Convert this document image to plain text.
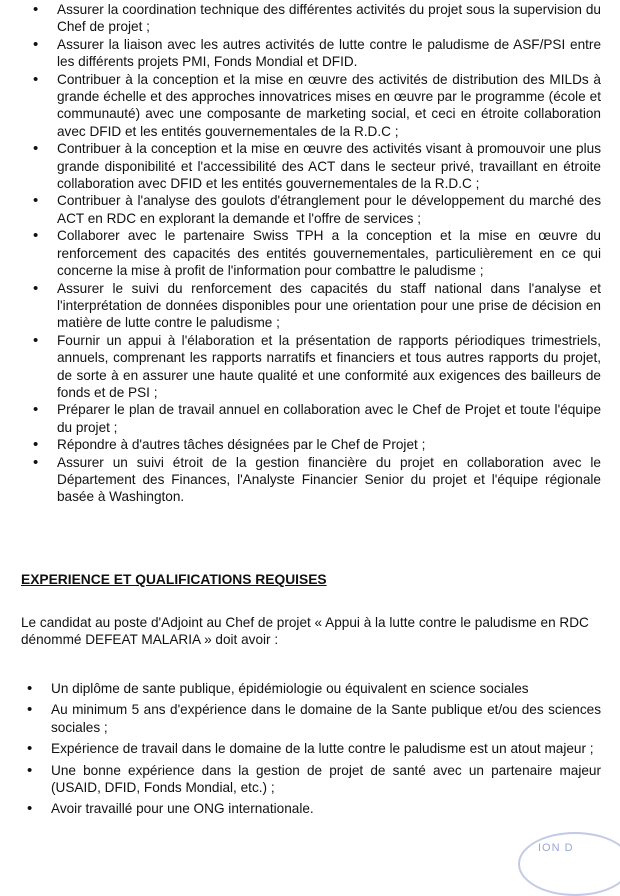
• Assurer la coordination technique des différentes activités du projet sous la supervision du Chef de projet ;
• Assurer la liaison avec les autres activités de lutte contre le paludisme de ASF/PSI entre les différents projets PMI, Fonds Mondial et DFID.
• Contribuer à la conception et la mise en œuvre des activités de distribution des MILDs à grande échelle et des approches innovatrices mises en œuvre par le programme (école et communauté) avec une composante de marketing social, et ceci en étroite collaboration avec DFID et les entités gouvernementales de la R.D.C ;
• Contribuer à la conception et la mise en œuvre des activités visant à promouvoir une plus grande disponibilité et l'accessibilité des ACT dans le secteur privé, travaillant en étroite collaboration avec DFID et les entités gouvernementales de la R.D.C ;
• Contribuer à l'analyse des goulots d'étranglement pour le développement du marché des ACT en RDC en explorant la demande et l'offre de services ;
• Collaborer avec le partenaire Swiss TPH a la conception et la mise en œuvre du renforcement des capacités des entités gouvernementales, particulièrement en ce qui concerne la mise à profit de l'information pour combattre le paludisme ;
• Assurer le suivi du renforcement des capacités du staff national dans l'analyse et l'interprétation de données disponibles pour une orientation pour une prise de décision en matière de lutte contre le paludisme ;
• Fournir un appui à l'élaboration et la présentation de rapports périodiques trimestriels, annuels, comprenant les rapports narratifs et financiers et tous autres rapports du projet, de sorte à en assurer une haute qualité et une conformité aux exigences des bailleurs de fonds et de PSI ;
• Préparer le plan de travail annuel en collaboration avec le Chef de Projet et toute l'équipe du projet ;
• Répondre à d'autres tâches désignées par le Chef de Projet ;
• Assurer un suivi étroit de la gestion financière du projet en collaboration avec le Département des Finances, l'Analyste Financier Senior du projet et l'équipe régionale basée à Washington.
EXPERIENCE ET QUALIFICATIONS REQUISES

Le candidat au poste d'Adjoint au Chef de projet « Appui à la lutte contre le paludisme en RDC dénommé DEFEAT MALARIA » doit avoir :

• Un diplôme de sante publique, épidémiologie ou équivalent en science sociales
• Au minimum 5 ans d'expérience dans le domaine de la Sante publique et/ou des sciences sociales ;
• Expérience de travail dans le domaine de la lutte contre le paludisme est un atout majeur ;
• Une bonne expérience dans la gestion de projet de santé avec un partenaire majeur (USAID, DFID, Fonds Mondial, etc.) ;
• Avoir travaillé pour une ONG internationale.
ION D
